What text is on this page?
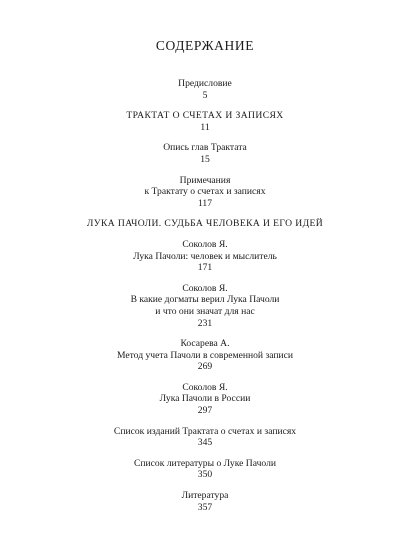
СОДЕРЖАНИЕ
Предисловие
5
ТРАКТАТ О СЧЕТАХ И ЗАПИСЯХ
11
Опись глав Трактата
15
Примечания
к Трактату о счетах и записях
117
ЛУКА ПАЧОЛИ. СУДЬБА ЧЕЛОВЕКА И ЕГО ИДЕЙ
Соколов Я.
Лука Пачоли: человек и мыслитель
171
Соколов Я.
В какие догматы верил Лука Пачоли
и что они значат для нас
231
Косарева А.
Метод учета Пачоли в современной записи
269
Соколов Я.
Лука Пачоли в России
297
Список изданий Трактата о счетах и записях
345
Список литературы о Луке Пачоли
350
Литература
357
